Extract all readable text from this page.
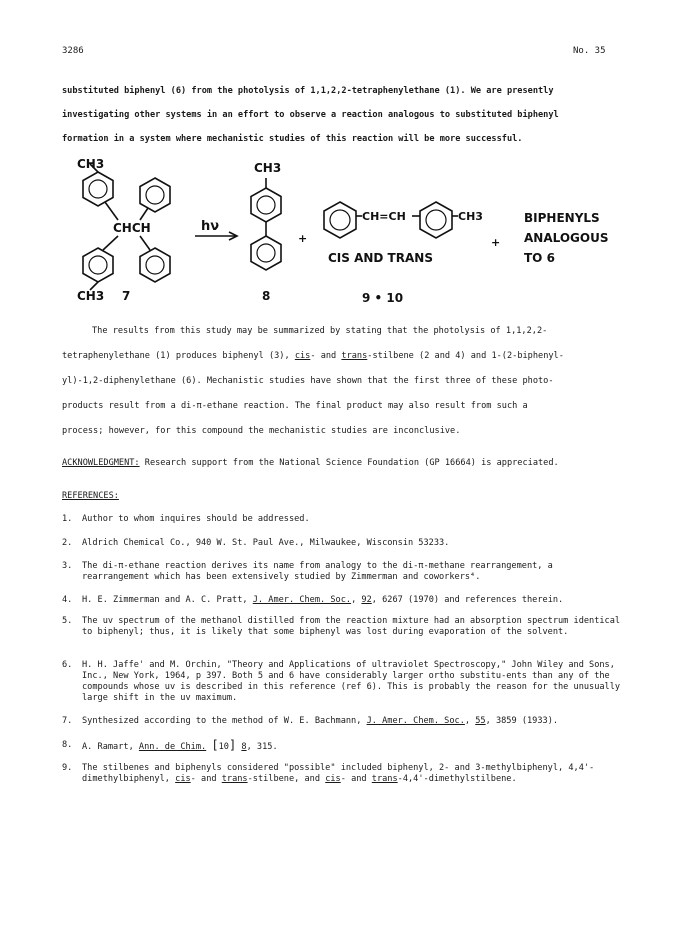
3286	No. 35
substituted biphenyl (6) from the photolysis of 1,1,2,2-tetraphenylethane (1). We are presently
investigating other systems in an effort to observe a reaction analogous to substituted biphenyl
formation in a system where mechanistic studies of this reaction will be more successful.
CH3
CHCH
CH3 7
hν
CH3
8
+
CH=CH	CH3
CIS AND TRANS
9 • 10
+
BIPHENYLS
ANALOGOUS
TO 6
The results from this study may be summarized by stating that the photolysis of 1,1,2,2-
tetraphenylethane (1) produces biphenyl (3), cis- and trans-stilbene (2 and 4) and 1-(2-biphenyl-
yl)-1,2-diphenylethane (6). Mechanistic studies have shown that the first three of these photo-
products result from a di-π-ethane reaction. The final product may also result from such a
process; however, for this compound the mechanistic studies are inconclusive.
ACKNOWLEDGMENT: Research support from the National Science Foundation (GP 16664) is appreciated.
REFERENCES:
1.	Author to whom inquires should be addressed.
2.	Aldrich Chemical Co., 940 W. St. Paul Ave., Milwaukee, Wisconsin 53233.
3.	The di-π-ethane reaction derives its name from analogy to the di-π-methane rearrangement, a rearrangement which has been extensively studied by Zimmerman and coworkers⁴.
4.	H. E. Zimmerman and A. C. Pratt, J. Amer. Chem. Soc., 92, 6267 (1970) and references therein.
5.	The uv spectrum of the methanol distilled from the reaction mixture had an absorption spectrum identical to biphenyl; thus, it is likely that some biphenyl was lost during evaporation of the solvent.
6.	H. H. Jaffe' and M. Orchin, "Theory and Applications of ultraviolet Spectroscopy," John Wiley and Sons, Inc., New York, 1964, p 397. Both 5 and 6 have considerably larger ortho substitu-ents than any of the compounds whose uv is described in this reference (ref 6). This is probably the reason for the unusually large shift in the uv maximum.
7.	Synthesized according to the method of W. E. Bachmann, J. Amer. Chem. Soc., 55, 3859 (1933).
8.	A. Ramart, Ann. de Chim. [10] 8, 315.
9.	The stilbenes and biphenyls considered "possible" included biphenyl, 2- and 3-methylbiphenyl, 4,4'-dimethylbiphenyl, cis- and trans-stilbene, and cis- and trans-4,4'-dimethylstilbene.
